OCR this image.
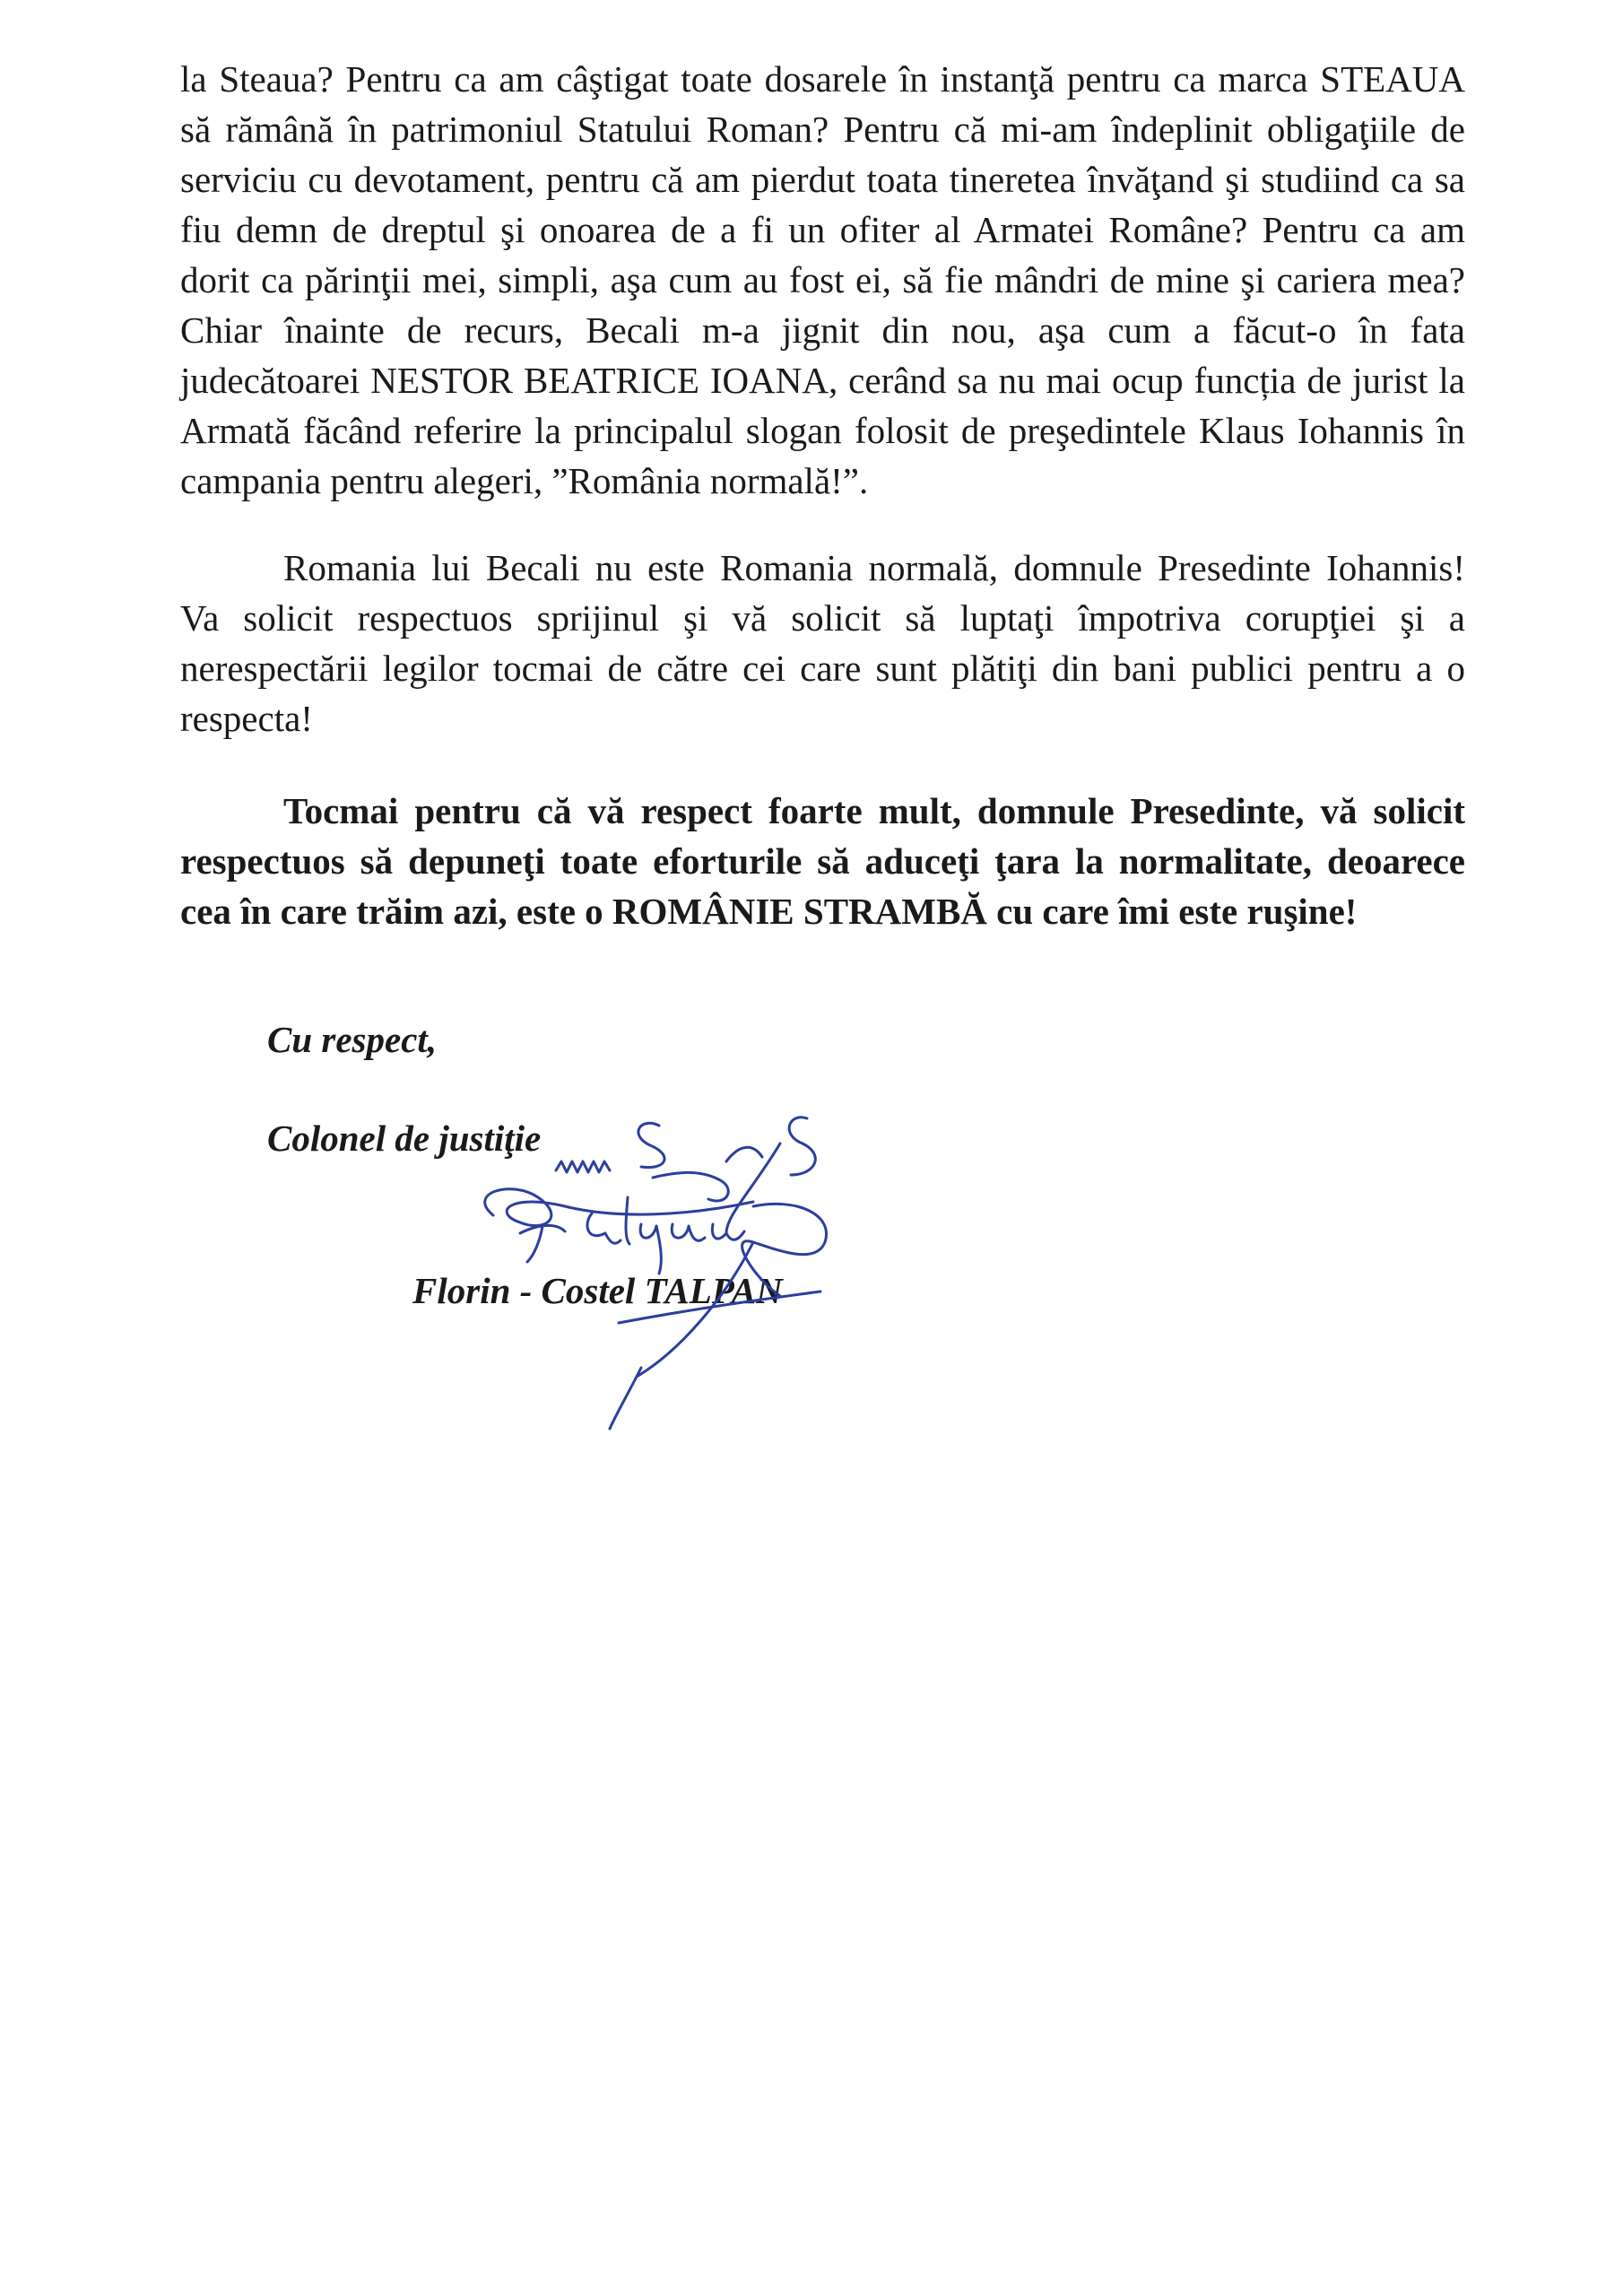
la Steaua? Pentru ca am câştigat toate dosarele în instanţă pentru ca marca STEAUA
să rămână în patrimoniul Statului Roman? Pentru că mi-am îndeplinit obligaţiile de
serviciu cu devotament, pentru că am pierdut toata tineretea învăţand şi studiind ca sa
fiu demn de dreptul şi onoarea de a fi un ofiter al Armatei Române? Pentru ca am
dorit ca părinţii mei, simpli, aşa cum au fost ei, să fie mândri de mine şi cariera mea?
Chiar înainte de recurs, Becali m-a jignit din nou, aşa cum a făcut-o în fata
judecătoarei NESTOR BEATRICE IOANA, cerând sa nu mai ocup funcția de jurist la
Armată făcând referire la principalul slogan folosit de preşedintele Klaus Iohannis în
campania pentru alegeri, ”România normală!”.
Romania lui Becali nu este Romania normală, domnule Presedinte Iohannis!
Va solicit respectuos sprijinul şi vă solicit să luptaţi împotriva corupţiei şi a
nerespectării legilor tocmai de către cei care sunt plătiţi din bani publici pentru a o
respecta!
Tocmai pentru că vă respect foarte mult, domnule Presedinte, vă solicit
respectuos să depuneţi toate eforturile să aduceţi ţara la normalitate, deoarece
cea în care trăim azi, este o ROMÂNIE STRAMBĂ cu care îmi este ruşine!

Cu respect,

Colonel de justiţie

Florin - Costel TALPAN
